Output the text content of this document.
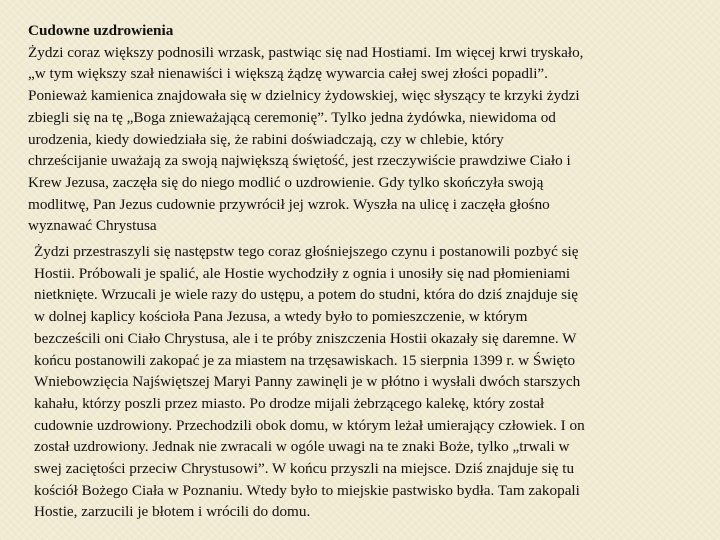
Cudowne uzdrowienia

Żydzi coraz większy podnosili wrzask, pastwiąc się nad Hostiami. Im więcej krwi tryskało,
„w tym większy szał nienawiści i większą żądzę wywarcia całej swej złości popadli”.
Ponieważ kamienica znajdowała się w dzielnicy żydowskiej, więc słyszący te krzyki żydzi
zbiegli się na tę „Boga znieważającą ceremonię”. Tylko jedna żydówka, niewidoma od
urodzenia, kiedy dowiedziała się, że rabini doświadczają, czy w chlebie, który
chrześcijanie uważają za swoją największą świętość, jest rzeczywiście prawdziwe Ciało i
Krew Jezusa, zaczęła się do niego modlić o uzdrowienie. Gdy tylko skończyła swoją
modlitwę, Pan Jezus cudownie przywrócił jej wzrok. Wyszła na ulicę i zaczęła głośno
wyznawać Chrystusa

Żydzi przestraszyli się następstw tego coraz głośniejszego czynu i postanowili pozbyć się
Hostii. Próbowali je spalić, ale Hostie wychodziły z ognia i unosiły się nad płomieniami
nietknięte. Wrzucali je wiele razy do ustępu, a potem do studni, która do dziś znajduje się
w dolnej kaplicy kościoła Pana Jezusa, a wtedy było to pomieszczenie, w którym
bezcześcili oni Ciało Chrystusa, ale i te próby zniszczenia Hostii okazały się daremne. W
końcu postanowili zakopać je za miastem na trzęsawiskach. 15 sierpnia 1399 r. w Święto
Wniebowzięcia Najświętszej Maryi Panny zawinęli je w płótno i wysłali dwóch starszych
kahału, którzy poszli przez miasto. Po drodze mijali żebrzącego kalekę, który został
cudownie uzdrowiony. Przechodzili obok domu, w którym leżał umierający człowiek. I on
został uzdrowiony. Jednak nie zwracali w ogóle uwagi na te znaki Boże, tylko „trwali w
swej zaciętości przeciw Chrystusowi”. W końcu przyszli na miejsce. Dziś znajduje się tu
kościół Bożego Ciała w Poznaniu. Wtedy było to miejskie pastwisko bydła. Tam zakopali
Hostie, zarzucili je błotem i wrócili do domu.
